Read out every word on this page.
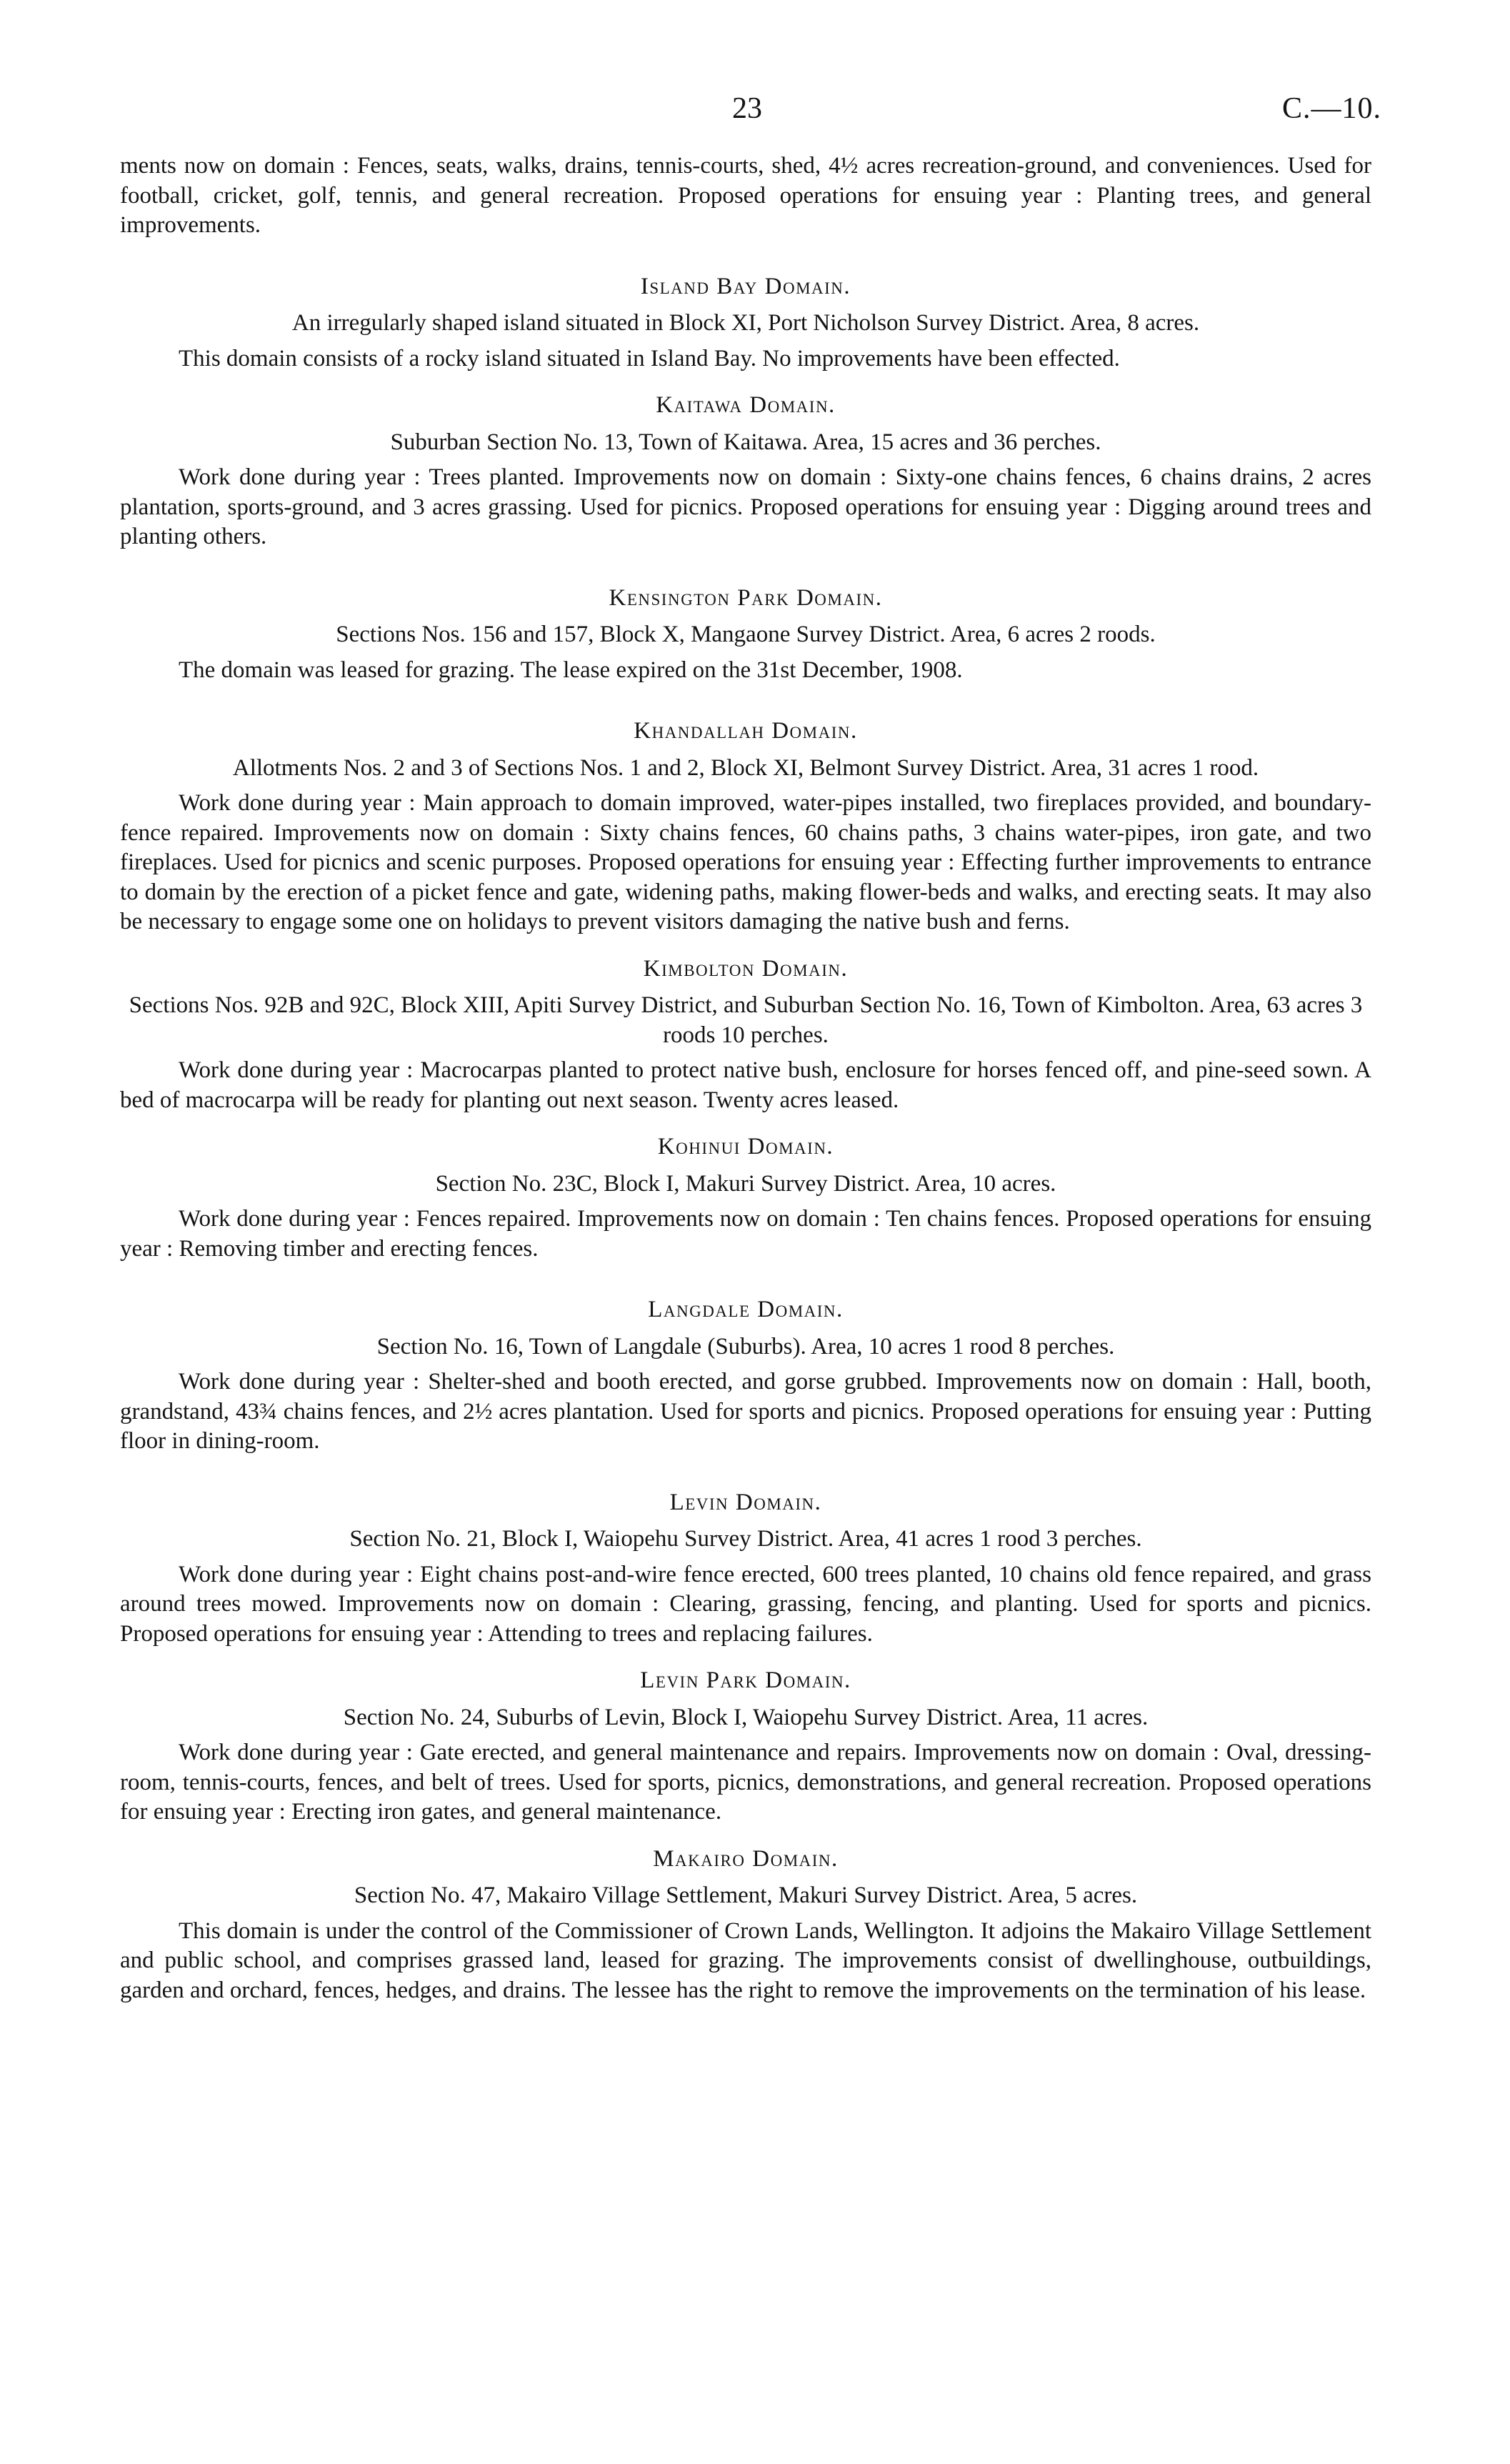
23	C.—10.

ments now on domain : Fences, seats, walks, drains, tennis-courts, shed, 4½ acres recreation-ground, and conveniences. Used for football, cricket, golf, tennis, and general recreation. Proposed operations for ensuing year : Planting trees, and general improvements.

Island Bay Domain.

An irregularly shaped island situated in Block XI, Port Nicholson Survey District. Area, 8 acres.

This domain consists of a rocky island situated in Island Bay. No improvements have been effected.

Kaitawa Domain.

Suburban Section No. 13, Town of Kaitawa. Area, 15 acres and 36 perches.

Work done during year : Trees planted. Improvements now on domain : Sixty-one chains fences, 6 chains drains, 2 acres plantation, sports-ground, and 3 acres grassing. Used for picnics. Proposed operations for ensuing year : Digging around trees and planting others.

Kensington Park Domain.

Sections Nos. 156 and 157, Block X, Mangaone Survey District. Area, 6 acres 2 roods.

The domain was leased for grazing. The lease expired on the 31st December, 1908.

Khandallah Domain.

Allotments Nos. 2 and 3 of Sections Nos. 1 and 2, Block XI, Belmont Survey District. Area, 31 acres 1 rood.

Work done during year : Main approach to domain improved, water-pipes installed, two fireplaces provided, and boundary-fence repaired. Improvements now on domain : Sixty chains fences, 60 chains paths, 3 chains water-pipes, iron gate, and two fireplaces. Used for picnics and scenic purposes. Proposed operations for ensuing year : Effecting further improvements to entrance to domain by the erection of a picket fence and gate, widening paths, making flower-beds and walks, and erecting seats. It may also be necessary to engage some one on holidays to prevent visitors damaging the native bush and ferns.

Kimbolton Domain.

Sections Nos. 92B and 92C, Block XIII, Apiti Survey District, and Suburban Section No. 16, Town of Kimbolton. Area, 63 acres 3 roods 10 perches.

Work done during year : Macrocarpas planted to protect native bush, enclosure for horses fenced off, and pine-seed sown. A bed of macrocarpa will be ready for planting out next season. Twenty acres leased.

Kohinui Domain.

Section No. 23C, Block I, Makuri Survey District. Area, 10 acres.

Work done during year : Fences repaired. Improvements now on domain : Ten chains fences. Proposed operations for ensuing year : Removing timber and erecting fences.

Langdale Domain.

Section No. 16, Town of Langdale (Suburbs). Area, 10 acres 1 rood 8 perches.

Work done during year : Shelter-shed and booth erected, and gorse grubbed. Improvements now on domain : Hall, booth, grandstand, 43¾ chains fences, and 2½ acres plantation. Used for sports and picnics. Proposed operations for ensuing year : Putting floor in dining-room.

Levin Domain.

Section No. 21, Block I, Waiopehu Survey District. Area, 41 acres 1 rood 3 perches.

Work done during year : Eight chains post-and-wire fence erected, 600 trees planted, 10 chains old fence repaired, and grass around trees mowed. Improvements now on domain : Clearing, grassing, fencing, and planting. Used for sports and picnics. Proposed operations for ensuing year : Attending to trees and replacing failures.

Levin Park Domain.

Section No. 24, Suburbs of Levin, Block I, Waiopehu Survey District. Area, 11 acres.

Work done during year : Gate erected, and general maintenance and repairs. Improvements now on domain : Oval, dressing-room, tennis-courts, fences, and belt of trees. Used for sports, picnics, demonstrations, and general recreation. Proposed operations for ensuing year : Erecting iron gates, and general maintenance.

Makairo Domain.

Section No. 47, Makairo Village Settlement, Makuri Survey District. Area, 5 acres.

This domain is under the control of the Commissioner of Crown Lands, Wellington. It adjoins the Makairo Village Settlement and public school, and comprises grassed land, leased for grazing. The improvements consist of dwellinghouse, outbuildings, garden and orchard, fences, hedges, and drains. The lessee has the right to remove the improvements on the termination of his lease.
